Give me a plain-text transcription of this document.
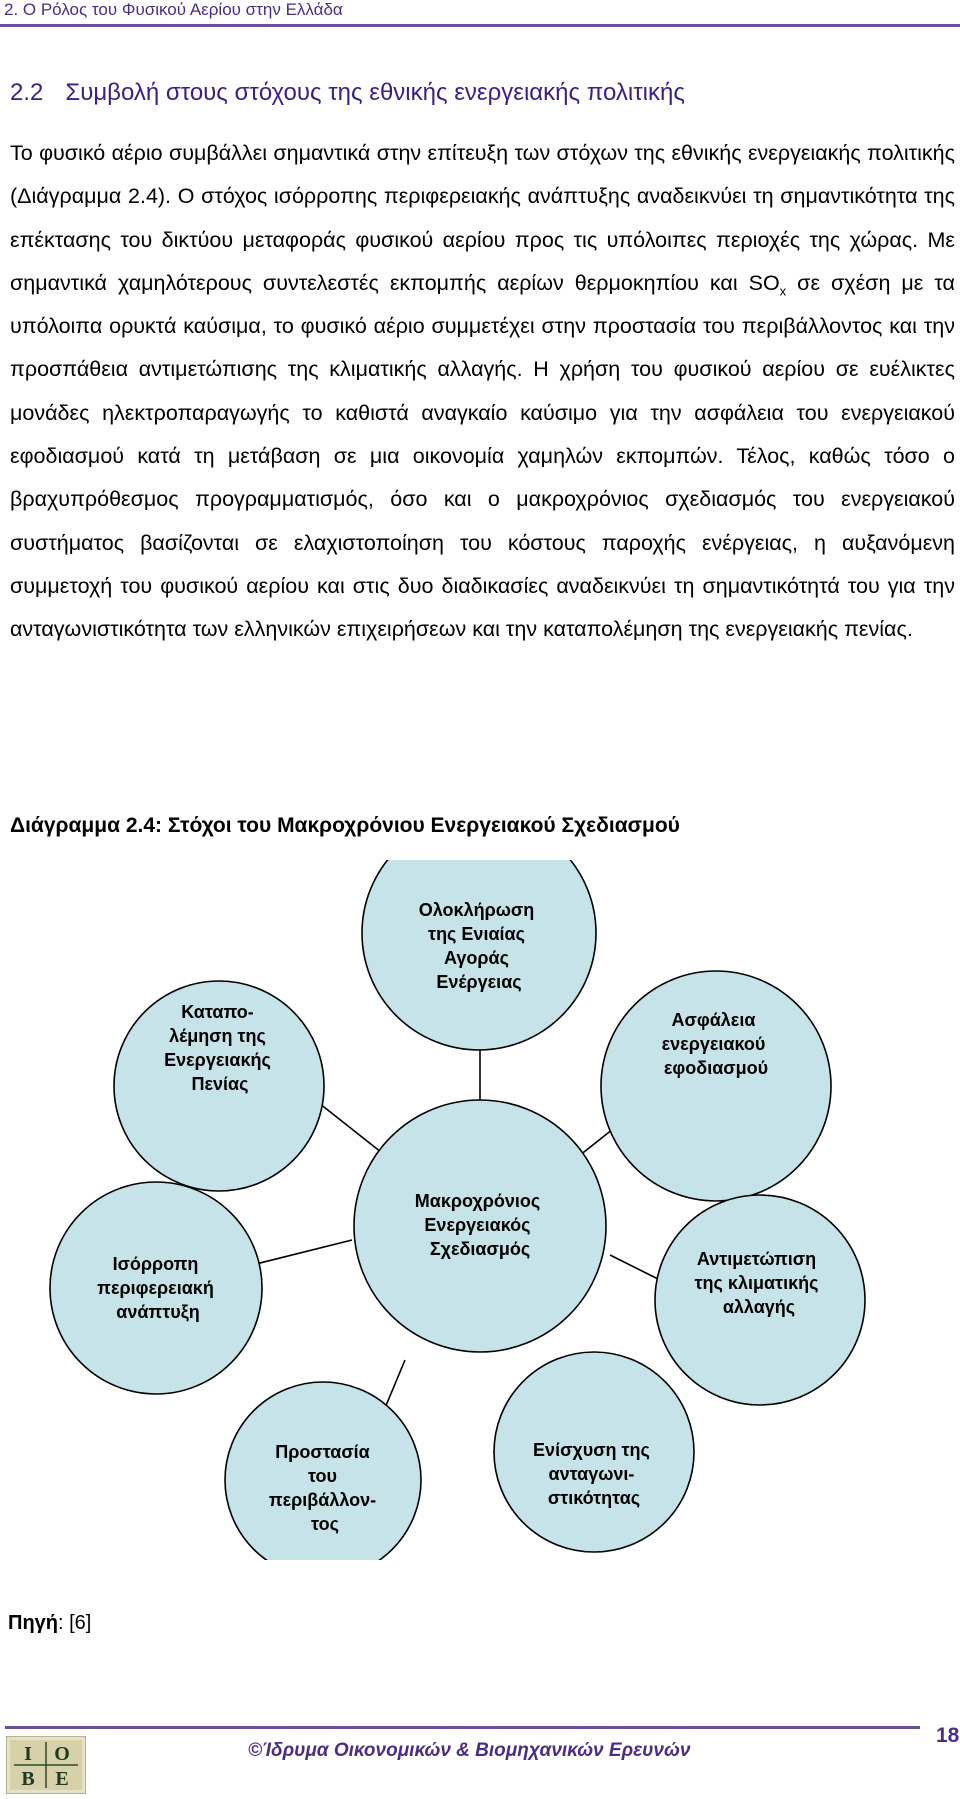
2. Ο Ρόλος του Φυσικού Αερίου στην Ελλάδα
2.2 Συμβολή στους στόχους της εθνικής ενεργειακής πολιτικής
Το φυσικό αέριο συμβάλλει σημαντικά στην επίτευξη των στόχων της εθνικής ενεργειακής πολιτικής (Διάγραμμα 2.4). Ο στόχος ισόρροπης περιφερειακής ανάπτυξης αναδεικνύει τη σημαντικότητα της επέκτασης του δικτύου μεταφοράς φυσικού αερίου προς τις υπόλοιπες περιοχές της χώρας. Με σημαντικά χαμηλότερους συντελεστές εκπομπής αερίων θερμοκηπίου και $SO_x$ σε σχέση με τα υπόλοιπα ορυκτά καύσιμα, το φυσικό αέριο συμμετέχει στην προστασία του περιβάλλοντος και την προσπάθεια αντιμετώπισης της κλιματικής αλλαγής. Η χρήση του φυσικού αερίου σε ευέλικτες μονάδες ηλεκτροπαραγωγής το καθιστά αναγκαίο καύσιμο για την ασφάλεια του ενεργειακού εφοδιασμού κατά τη μετάβαση σε μια οικονομία χαμηλών εκπομπών. Τέλος, καθώς τόσο ο βραχυπρόθεσμος προγραμματισμός, όσο και ο μακροχρόνιος σχεδιασμός του ενεργειακού συστήματος βασίζονται σε ελαχιστοποίηση του κόστους παροχής ενέργειας, η αυξανόμενη συμμετοχή του φυσικού αερίου και στις δυο διαδικασίες αναδεικνύει τη σημαντικότητά του για την ανταγωνιστικότητα των ελληνικών επιχειρήσεων και την καταπολέμηση της ενεργειακής πενίας.
Διάγραμμα 2.4: Στόχοι του Μακροχρόνιου Ενεργειακού Σχεδιασμού
Ολοκλήρωση της Ενιαίας Αγοράς Ενέργειας
Καταπο- λέμηση της Ενεργειακής Πενίας
Ασφάλεια ενεργειακού εφοδιασμού
Ισόρροπη περιφερειακή ανάπτυξη
Μακροχρόνιος Ενεργειακός Σχεδιασμός	Αντιμετώπιση της κλιματικής αλλαγής
Προστασία του περιβάλλον- τος
Ενίσχυση της ανταγωνι- στικότητας
Πηγή: [6]
Ι Ο
Β Ε
©Ίδρυμα Οικονομικών & Βιομηχανικών Ερευνών
18
